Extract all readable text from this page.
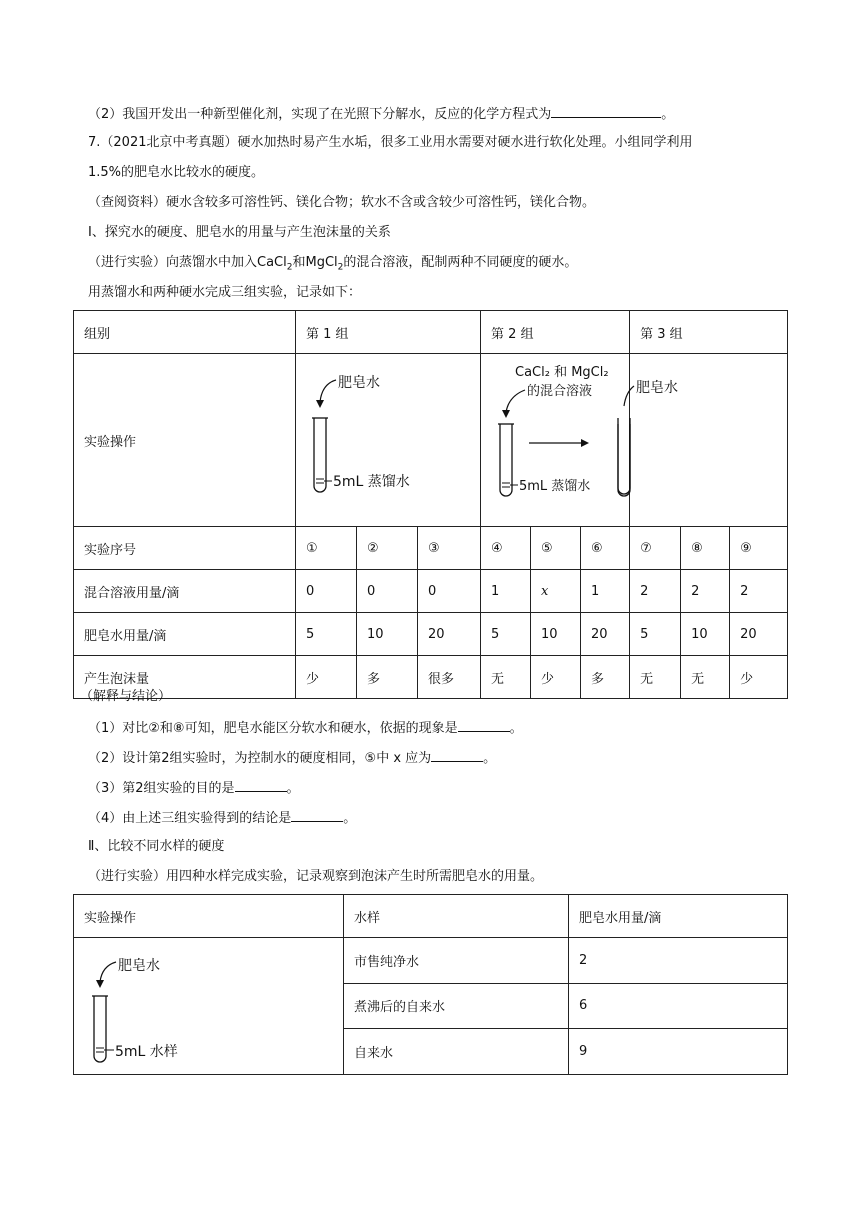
（2）我国开发出一种新型催化剂，实现了在光照下分解水，反应的化学方程式为	。
7.（2021北京中考真题）硬水加热时易产生水垢，很多工业用水需要对硬水进行软化处理。小组同学利用
1.5%的肥皂水比较水的硬度。
（查阅资料）硬水含较多可溶性钙、镁化合物；软水不含或含较少可溶性钙，镁化合物。
Ⅰ、探究水的硬度、肥皂水的用量与产生泡沫量的关系
（进行实验）向蒸馏水中加入CaCl$_2$和MgCl$_2$的混合溶液，配制两种不同硬度的硬水。
用蒸馏水和两种硬水完成三组实验，记录如下：
组别	第 1 组			第 2 组			第 3 组		
实验操作	肥皂水
5mL 蒸馏水			CaCl₂ 和 MgCl₂
的混合溶液
5mL 蒸馏水			肥皂水		

实验序号	①	②	③	④	⑤	⑥	⑦	⑧	⑨
混合溶液用量/滴	0	0	0	1	x	1	2	2	2
肥皂水用量/滴	5	10	20	5	10	20	5	10	20
产生泡沫量	少	多	很多	无	少	多	无	无	少
（解释与结论）
（1）对比②和⑧可知，肥皂水能区分软水和硬水，依据的现象是	。
（2）设计第2组实验时，为控制水的硬度相同，⑤中 x 应为	。
（3）第2组实验的目的是	。
（4）由上述三组实验得到的结论是	。
Ⅱ、比较不同水样的硬度
（进行实验）用四种水样完成实验，记录观察到泡沫产生时所需肥皂水的用量。
实验操作	水样	肥皂水用量/滴

肥皂水
5mL 水样	市售纯净水	2
	煮沸后的自来水	6
	自来水	9
